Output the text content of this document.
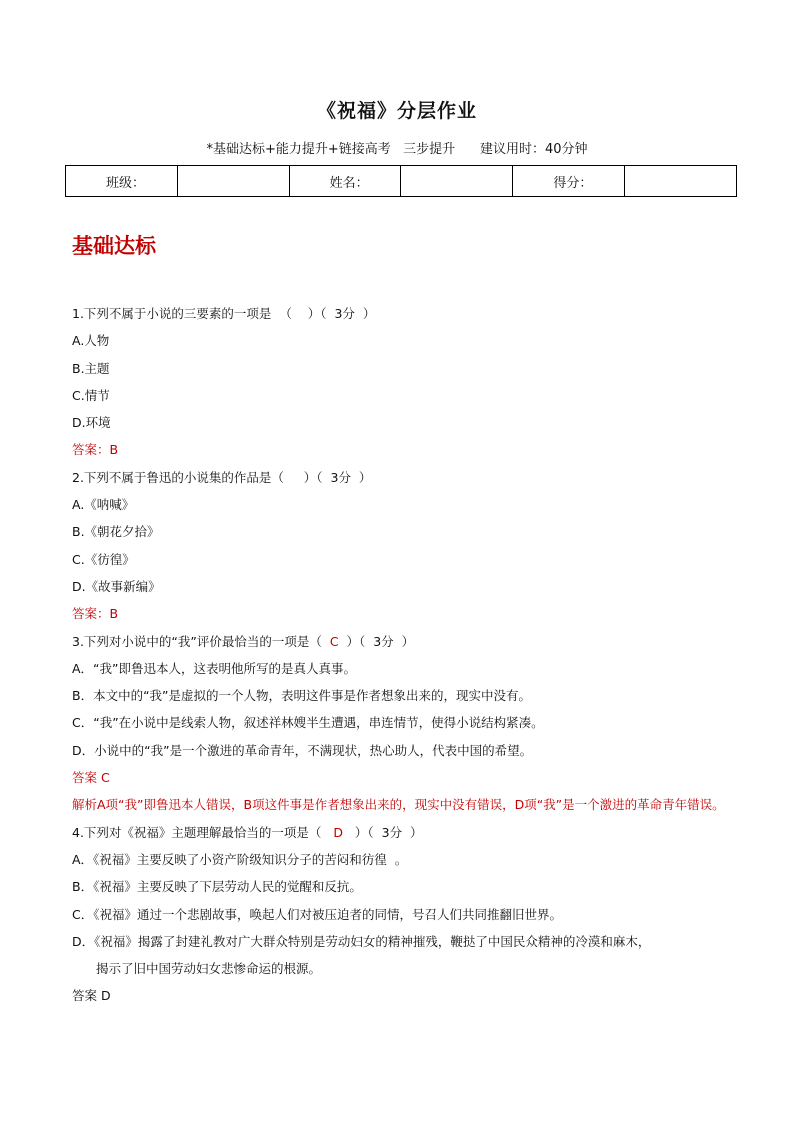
《祝福》分层作业
*基础达标+能力提升+链接高考   三步提升      建议用时：40分钟
班级：		姓名：		得分：	
基础达标
1.下列不属于小说的三要素的一项是  （    ）（  3分  ）
A.人物
B.主题
C.情节
D.环境
答案：B
2.下列不属于鲁迅的小说集的作品是（     ）（  3分  ）
A.《呐喊》
B.《朝花夕拾》
C.《彷徨》
D.《故事新编》
答案：B
3.下列对小说中的“我”评价最恰当的一项是（  C  ）（  3分  ）
A．“我”即鲁迅本人，这表明他所写的是真人真事。
B．本文中的“我”是虚拟的一个人物，表明这件事是作者想象出来的，现实中没有。
C．“我”在小说中是线索人物，叙述祥林嫂半生遭遇，串连情节，使得小说结构紧凑。
D．小说中的“我”是一个激进的革命青年，不满现状，热心助人，代表中国的希望。
答案 C
解析A项“我”即鲁迅本人错误，B项这件事是作者想象出来的，现实中没有错误，D项“我”是一个激进的革命青年错误。
4.下列对《祝福》主题理解最恰当的一项是（   D   ）（  3分  ）
A．《祝福》主要反映了小资产阶级知识分子的苦闷和彷徨  。
B．《祝福》主要反映了下层劳动人民的觉醒和反抗。
C．《祝福》通过一个悲剧故事，唤起人们对被压迫者的同情，号召人们共同推翻旧世界。
D．《祝福》揭露了封建礼教对广大群众特别是劳动妇女的精神摧残，鞭挞了中国民众精神的冷漠和麻木，
揭示了旧中国劳动妇女悲惨命运的根源。
答案 D
